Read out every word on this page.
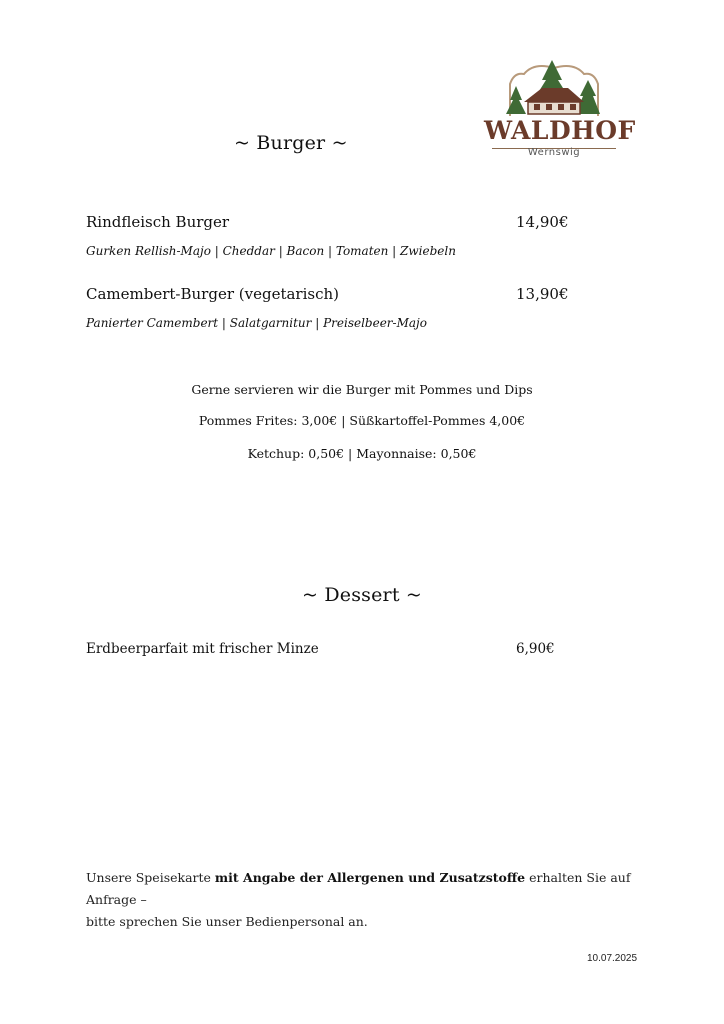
WALDHOF
Wernswig
~ Burger ~
Rindfleisch Burger	14,90€
Gurken Rellish-Majo | Cheddar | Bacon | Tomaten | Zwiebeln
Camembert-Burger (vegetarisch)	13,90€
Panierter Camembert | Salatgarnitur | Preiselbeer-Majo
Gerne servieren wir die Burger mit Pommes und Dips
Pommes Frites: 3,00€ | Süßkartoffel-Pommes 4,00€
Ketchup: 0,50€ | Mayonnaise: 0,50€
~ Dessert ~
Erdbeerparfait mit frischer Minze	6,90€
Unsere Speisekarte mit Angabe der Allergenen und Zusatzstoffe erhalten Sie auf Anfrage –
bitte sprechen Sie unser Bedienpersonal an.
10.07.2025
